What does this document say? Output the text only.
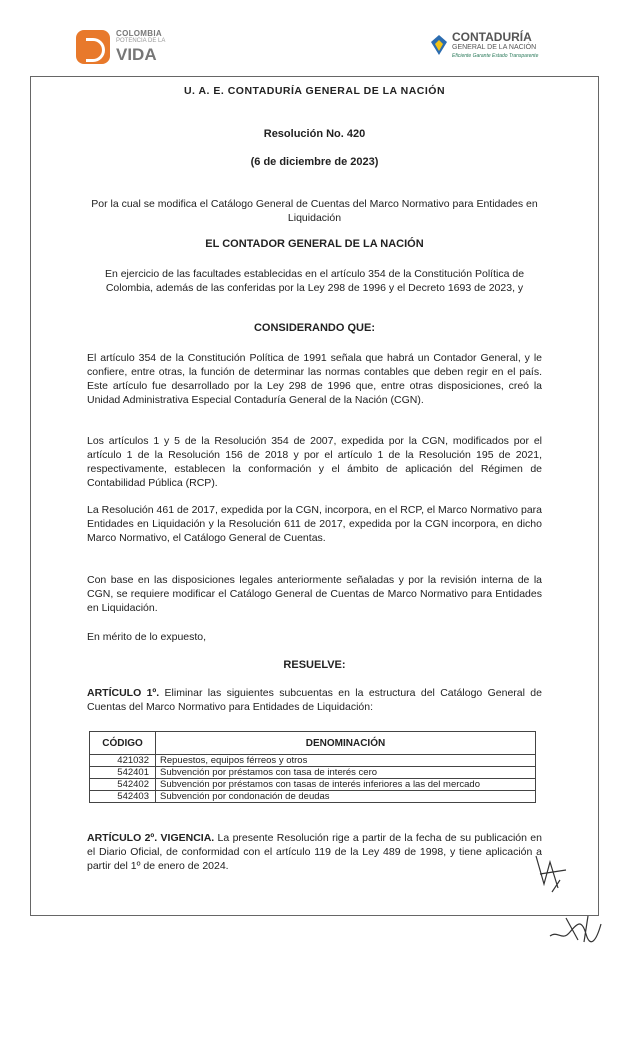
COLOMBIA
POTENCIA DE LA
VIDA
CONTADURÍA
GENERAL DE LA NACIÓN
Eficiente Garante Estado Transparente
U. A. E. CONTADURÍA GENERAL DE LA NACIÓN
Resolución No. 420
(6 de diciembre de 2023)
Por la cual se modifica el Catálogo General de Cuentas del Marco Normativo para Entidades en Liquidación
EL CONTADOR GENERAL DE LA NACIÓN
En ejercicio de las facultades establecidas en el artículo 354 de la Constitución Política de Colombia, además de las conferidas por la Ley 298 de 1996 y el Decreto 1693 de 2023, y
CONSIDERANDO QUE:
El artículo 354 de la Constitución Política de 1991 señala que habrá un Contador General, y le confiere, entre otras, la función de determinar las normas contables que deben regir en el país. Este artículo fue desarrollado por la Ley 298 de 1996 que, entre otras disposiciones, creó la Unidad Administrativa Especial Contaduría General de la Nación (CGN).
Los artículos 1 y 5 de la Resolución 354 de 2007, expedida por la CGN, modificados por el artículo 1 de la Resolución 156 de 2018 y por el artículo 1 de la Resolución 195 de 2021, respectivamente, establecen la conformación y el ámbito de aplicación del Régimen de Contabilidad Pública (RCP).
La Resolución 461 de 2017, expedida por la CGN, incorpora, en el RCP, el Marco Normativo para Entidades en Liquidación y la Resolución 611 de 2017, expedida por la CGN incorpora, en dicho Marco Normativo, el Catálogo General de Cuentas.
Con base en las disposiciones legales anteriormente señaladas y por la revisión interna de la CGN, se requiere modificar el Catálogo General de Cuentas de Marco Normativo para Entidades en Liquidación.
En mérito de lo expuesto,
RESUELVE:
ARTÍCULO 1º. Eliminar las siguientes subcuentas en la estructura del Catálogo General de Cuentas del Marco Normativo para Entidades de Liquidación:
CÓDIGO	DENOMINACIÓN
421032	Repuestos, equipos férreos y otros
542401	Subvención por préstamos con tasa de interés cero
542402	Subvención por préstamos con tasas de interés inferiores a las del mercado
542403	Subvención por condonación de deudas
ARTÍCULO 2º. VIGENCIA. La presente Resolución rige a partir de la fecha de su publicación en el Diario Oficial, de conformidad con el artículo 119 de la Ley 489 de 1998, y tiene aplicación a partir del 1º de enero de 2024.
